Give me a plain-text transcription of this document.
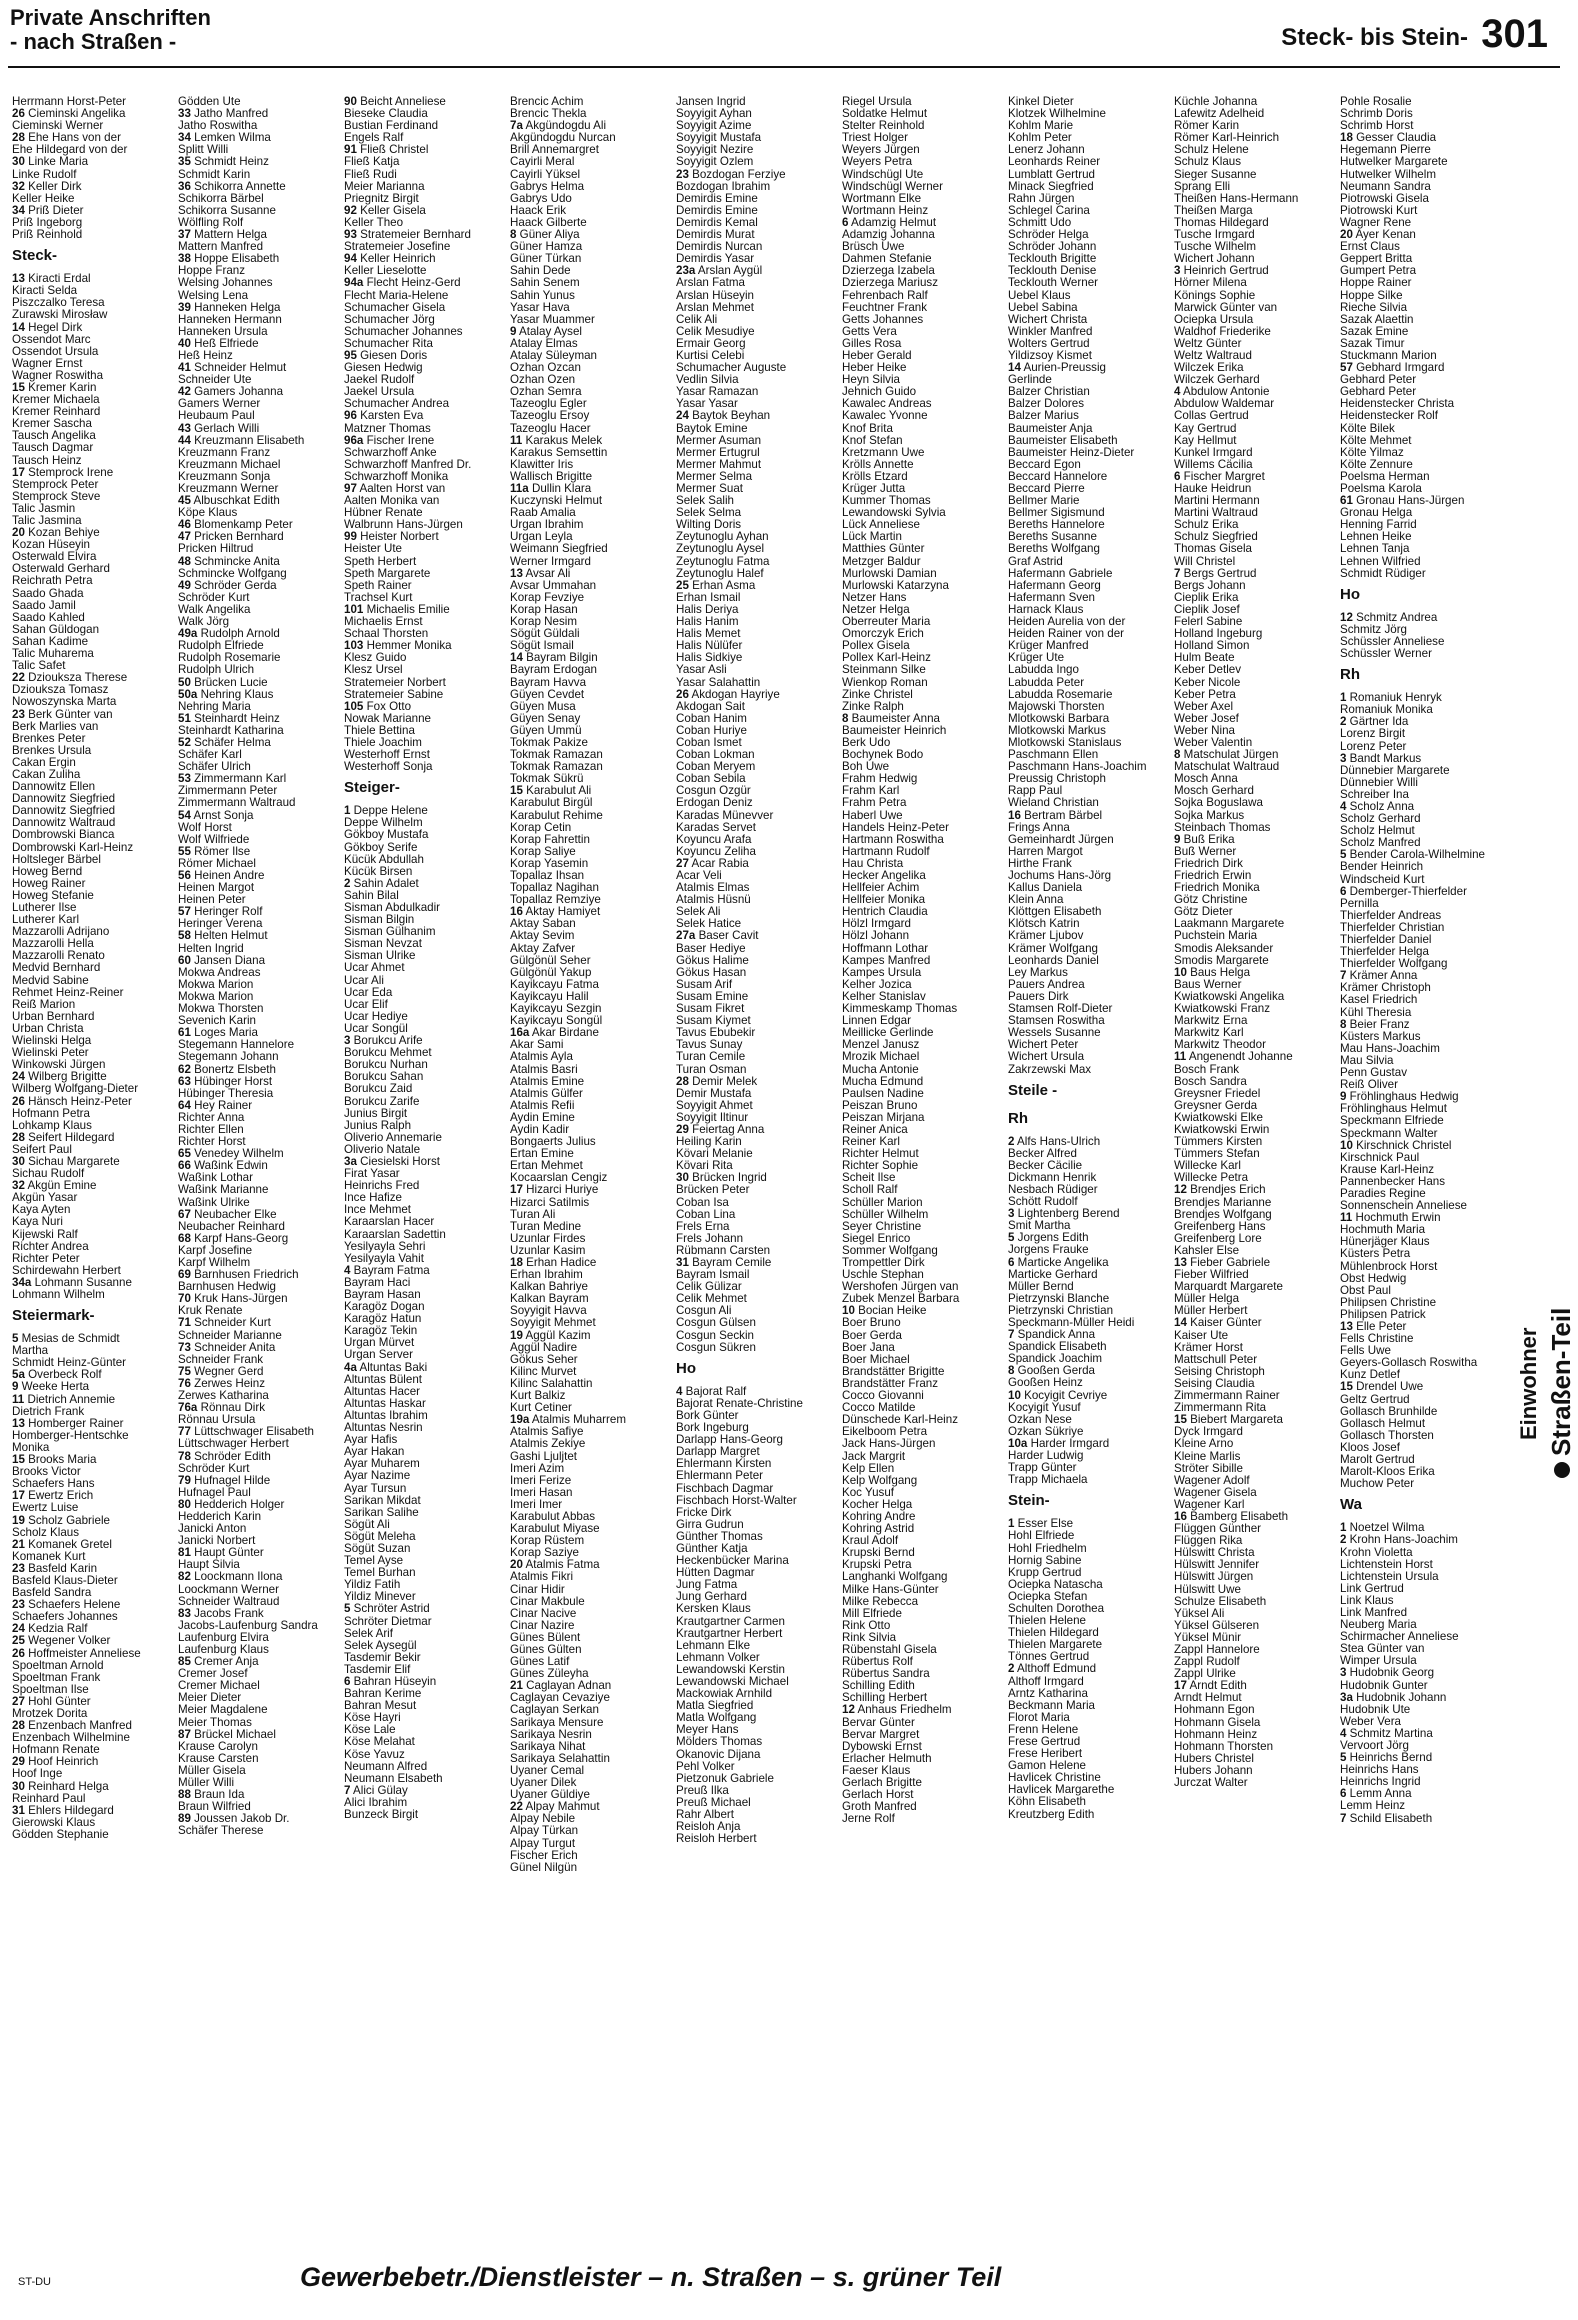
Private Anschriften
- nach Straßen -	Steck- bis Stein- 301
Herrmann Horst-Peter
26 Cieminski Angelika
Cieminski Werner
28 Ehe Hans von der
Ehe Hildegard von der
30 Linke Maria
Linke Rudolf
32 Keller Dirk
Keller Heike
34 Priß Dieter
Priß Ingeborg
Priß Reinhold
Steck-
13 Kiracti Erdal
Kiracti Selda
Piszczalko Teresa
Zurawski Mirosław
14 Hegel Dirk
Ossendot Marc
Ossendot Ursula
Wagner Ernst
Wagner Roswitha
15 Kremer Karin
Kremer Michaela
Kremer Reinhard
Kremer Sascha
Tausch Angelika
Tausch Dagmar
Tausch Heinz
17 Stemprock Irene
Stemprock Peter
Stemprock Steve
Talic Jasmin
Talic Jasmina
20 Kozan Behiye
Kozan Hüseyin
Osterwald Elvira
Osterwald Gerhard
Reichrath Petra
Saado Ghada
Saado Jamil
Saado Kahled
Sahan Güldogan
Sahan Kadime
Talic Muharema
Talic Safet
22 Dziouksza Therese
Dziouksza Tomasz
Nowoszynska Marta
23 Berk Günter van
Berk Marlies van
Brenkes Peter
Brenkes Ursula
Cakan Ergin
Cakan Zuliha
Dannowitz Ellen
Dannowitz Siegfried
Dannowitz Siegfried
Dannowitz Waltraud
Dombrowski Bianca
Dombrowski Karl-Heinz
Holtsleger Bärbel
Howeg Bernd
Howeg Rainer
Howeg Stefanie
Lutherer Ilse
Lutherer Karl
Mazzarolli Adrijano
Mazzarolli Hella
Mazzarolli Renato
Medvid Bernhard
Medvid Sabine
Rehmet Heinz-Reiner
Reiß Marion
Urban Bernhard
Urban Christa
Wielinski Helga
Wielinski Peter
Winkowski Jürgen
24 Wilberg Brigitte
Wilberg Wolfgang-Dieter
26 Hänsch Heinz-Peter
Hofmann Petra
Lohkamp Klaus
28 Seifert Hildegard
Seifert Paul
30 Sichau Margarete
Sichau Rudolf
32 Akgün Emine
Akgün Yasar
Kaya Ayten
Kaya Nuri
Kijewski Ralf
Richter Andrea
Richter Peter
Schirdewahn Herbert
34a Lohmann Susanne
Lohmann Wilhelm
Steiermark-
5 Mesias de Schmidt
Martha
Schmidt Heinz-Günter
5a Overbeck Rolf
9 Weeke Herta
11 Dietrich Annemie
Dietrich Frank
13 Homberger Rainer
Homberger-Hentschke
Monika
15 Brooks Maria
Brooks Victor
Schaefers Hans
17 Ewertz Erich
Ewertz Luise
19 Scholz Gabriele
Scholz Klaus
21 Komanek Gretel
Komanek Kurt
23 Basfeld Karin
Basfeld Klaus-Dieter
Basfeld Sandra
23 Schaefers Helene
Schaefers Johannes
24 Kedzia Ralf
25 Wegener Volker
26 Hoffmeister Anneliese
Spoeltman Arnold
Spoeltman Frank
Spoeltman Ilse
27 Hohl Günter
Mrotzek Dorita
28 Enzenbach Manfred
Enzenbach Wilhelmine
Hofmann Renate
29 Hoof Heinrich
Hoof Inge
30 Reinhard Helga
Reinhard Paul
31 Ehlers Hildegard
Gierowski Klaus
Gödden Stephanie
Gödden Ute
33 Jatho Manfred
Jatho Roswitha
34 Lemken Wilma
Splitt Willi
35 Schmidt Heinz
Schmidt Karin
36 Schikorra Annette
Schikorra Bärbel
Schikorra Susanne
Wölfling Rolf
37 Mattern Helga
Mattern Manfred
38 Hoppe Elisabeth
Hoppe Franz
Welsing Johannes
Welsing Lena
39 Hanneken Helga
Hanneken Hermann
Hanneken Ursula
40 Heß Elfriede
Heß Heinz
41 Schneider Helmut
Schneider Ute
42 Gamers Johanna
Gamers Werner
Heubaum Paul
43 Gerlach Willi
44 Kreuzmann Elisabeth
Kreuzmann Franz
Kreuzmann Michael
Kreuzmann Sonja
Kreuzmann Werner
45 Albuschkat Edith
Köpe Klaus
46 Blomenkamp Peter
47 Pricken Bernhard
Pricken Hiltrud
48 Schmincke Anita
Schmincke Wolfgang
49 Schröder Gerda
Schröder Kurt
Walk Angelika
Walk Jörg
49a Rudolph Arnold
Rudolph Elfriede
Rudolph Rosemarie
Rudolph Ulrich
50 Brücken Lucie
50a Nehring Klaus
Nehring Maria
51 Steinhardt Heinz
Steinhardt Katharina
52 Schäfer Helma
Schäfer Karl
Schäfer Ulrich
53 Zimmermann Karl
Zimmermann Peter
Zimmermann Waltraud
54 Arnst Sonja
Wolf Horst
Wolf Wilfriede
55 Römer Ilse
Römer Michael
56 Heinen Andre
Heinen Margot
Heinen Peter
57 Heringer Rolf
Heringer Verena
58 Helten Helmut
Helten Ingrid
60 Jansen Diana
Mokwa Andreas
Mokwa Marion
Mokwa Marion
Mokwa Thorsten
Sevenich Karin
61 Loges Maria
Stegemann Hannelore
Stegemann Johann
62 Bonertz Elsbeth
63 Hübinger Horst
Hübinger Theresia
64 Hey Rainer
Richter Anna
Richter Ellen
Richter Horst
65 Venedey Wilhelm
66 Waßink Edwin
Waßink Lothar
Waßink Marianne
Waßink Ulrike
67 Neubacher Elke
Neubacher Reinhard
68 Karpf Hans-Georg
Karpf Josefine
Karpf Wilhelm
69 Barnhusen Friedrich
Barnhusen Hedwig
70 Kruk Hans-Jürgen
Kruk Renate
71 Schneider Kurt
Schneider Marianne
73 Schneider Anita
Schneider Frank
75 Wegner Gerd
76 Zerwes Heinz
Zerwes Katharina
76a Rönnau Dirk
Rönnau Ursula
77 Lüttschwager Elisabeth
Lüttschwager Herbert
78 Schröder Edith
Schröder Kurt
79 Hufnagel Hilde
Hufnagel Paul
80 Hedderich Holger
Hedderich Karin
Janicki Anton
Janicki Norbert
81 Haupt Günter
Haupt Silvia
82 Loockmann Ilona
Loockmann Werner
Schneider Waltraud
83 Jacobs Frank
Jacobs-Laufenburg Sandra
Laufenburg Elvira
Laufenburg Klaus
85 Cremer Anja
Cremer Josef
Cremer Michael
Meier Dieter
Meier Magdalene
Meier Thomas
87 Brückel Michael
Krause Carolyn
Krause Carsten
Müller Gisela
Müller Willi
88 Braun Ida
Braun Wilfried
89 Joussen Jakob Dr.
Schäfer Therese
90 Beicht Anneliese
Bieseke Claudia
Bustian Ferdinand
Engels Ralf
91 Fließ Christel
Fließ Katja
Fließ Rudi
Meier Marianna
Priegnitz Birgit
92 Keller Gisela
Keller Theo
93 Stratemeier Bernhard
Stratemeier Josefine
94 Keller Heinrich
Keller Lieselotte
94a Flecht Heinz-Gerd
Flecht Maria-Helene
Schumacher Gisela
Schumacher Jörg
Schumacher Johannes
Schumacher Rita
95 Giesen Doris
Giesen Hedwig
Jaekel Rudolf
Jaekel Ursula
Schumacher Andrea
96 Karsten Eva
Matzner Thomas
96a Fischer Irene
Schwarzhoff Anke
Schwarzhoff Manfred Dr.
Schwarzhoff Monika
97 Aalten Horst van
Aalten Monika van
Hübner Renate
Walbrunn Hans-Jürgen
99 Heister Norbert
Heister Ute
Speth Herbert
Speth Margarete
Speth Rainer
Trachsel Kurt
101 Michaelis Emilie
Michaelis Ernst
Schaal Thorsten
103 Hemmer Monika
Klesz Guido
Klesz Ursel
Stratemeier Norbert
Stratemeier Sabine
105 Fox Otto
Nowak Marianne
Thiele Bettina
Thiele Joachim
Westerhoff Ernst
Westerhoff Sonja
Steiger-
1 Deppe Helene
Deppe Wilhelm
Gökboy Mustafa
Gökboy Serife
Kücük Abdullah
Kücük Birsen
2 Sahin Adalet
Sahin Bilal
Sisman Abdulkadir
Sisman Bilgin
Sisman Gülhanim
Sisman Nevzat
Sisman Ulrike
Ucar Ahmet
Ucar Ali
Ucar Eda
Ucar Elif
Ucar Hediye
Ucar Songül
3 Borukcu Arife
Borukcu Mehmet
Borukcu Nurhan
Borukcu Sahan
Borukcu Zaid
Borukcu Zarife
Junius Birgit
Junius Ralph
Oliverio Annemarie
Oliverio Natale
3a Ciesielski Horst
Firat Yasar
Heinrichs Fred
Ince Hafize
Ince Mehmet
Karaarslan Hacer
Karaarslan Sadettin
Yesilyayla Sehri
Yesilyayla Vahit
4 Bayram Fatma
Bayram Haci
Bayram Hasan
Karagöz Dogan
Karagöz Hatun
Karagöz Tekin
Urgan Mürvet
Urgan Server
4a Altuntas Baki
Altuntas Bülent
Altuntas Hacer
Altuntas Haskar
Altuntas Ibrahim
Altuntas Nesrin
Ayar Hafis
Ayar Hakan
Ayar Muharem
Ayar Nazime
Ayar Tursun
Sarikan Mikdat
Sarikan Salihe
Sögüt Ali
Sögüt Meleha
Sögüt Suzan
Temel Ayse
Temel Burhan
Yildiz Fatih
Yildiz Minever
5 Schröter Astrid
Schröter Dietmar
Selek Arif
Selek Aysegül
Tasdemir Bekir
Tasdemir Elif
6 Bahran Hüseyin
Bahran Kerime
Bahran Mesut
Köse Hayri
Köse Lale
Köse Melahat
Köse Yavuz
Neumann Alfred
Neumann Elsabeth
7 Alici Gülay
Alici Ibrahim
Bunzeck Birgit
Brencic Achim
Brencic Thekla
7a Akgündogdu Ali
Akgündogdu Nurcan
Brill Annemargret
Cayirli Meral
Cayirli Yüksel
Gabrys Helma
Gabrys Udo
Haack Erik
Haack Gilberte
8 Güner Aliya
Güner Hamza
Güner Türkan
Sahin Dede
Sahin Senem
Sahin Yunus
Yasar Hava
Yasar Muammer
9 Atalay Aysel
Atalay Elmas
Atalay Süleyman
Özhan Özcan
Özhan Özen
Özhan Semra
Tazeoglu Egler
Tazeoglu Ersoy
Tazeoglu Hacer
11 Karakus Melek
Karakus Semsettin
Klawitter Iris
Wallisch Brigitte
11a Dullin Klara
Kuczynski Helmut
Raab Amalia
Urgan Ibrahim
Urgan Leyla
Weimann Siegfried
Werner Irmgard
13 Avsar Ali
Avsar Ummahan
Korap Fevziye
Korap Hasan
Korap Nesim
Sögüt Güldali
Sögüt Ismail
14 Bayram Bilgin
Bayram Erdogan
Bayram Havva
Güyen Cevdet
Güyen Musa
Güyen Senay
Güyen Ümmü
Tokmak Pakize
Tokmak Ramazan
Tokmak Ramazan
Tokmak Sükrü
15 Karabulut Ali
Karabulut Birgül
Karabulut Rehime
Korap Cetin
Korap Fahrettin
Korap Saliye
Korap Yasemin
Topallaz Ihsan
Topallaz Nagihan
Topallaz Remziye
16 Aktay Hamiyet
Aktay Saban
Aktay Sevim
Aktay Zafver
Gülgönül Seher
Gülgönül Yakup
Kayikcayu Fatma
Kayikcayu Halil
Kayikcayu Sezgin
Kayikcayu Songül
16a Akar Birdane
Akar Sami
Atalmis Ayla
Atalmis Basri
Atalmis Emine
Atalmis Gülfer
Atalmis Refii
Aydin Emine
Aydin Kadir
Bongaerts Julius
Ertan Emine
Ertan Mehmet
Kocaarslan Cengiz
17 Hizarci Huriye
Hizarci Satilmis
Turan Ali
Turan Medine
Uzunlar Firdes
Uzunlar Kasim
18 Erhan Hadice
Erhan Ibrahim
Kalkan Bahriye
Kalkan Bayram
Soyyigit Havva
Soyyigit Mehmet
19 Aggül Kazim
Aggül Nadire
Gökus Seher
Kilinc Murvet
Kilinc Salahattin
Kurt Balkiz
Kurt Cetiner
19a Atalmis Muharrem
Atalmis Safiye
Atalmis Zekiye
Gashi Ljuljtet
Imeri Azim
Imeri Ferize
Imeri Hasan
Imeri Imer
Karabulut Abbas
Karabulut Miyase
Korap Rüstem
Korap Saziye
20 Atalmis Fatma
Atalmis Fikri
Cinar Hidir
Cinar Makbule
Cinar Nacive
Cinar Nazire
Günes Bülent
Günes Gülten
Günes Latif
Günes Züleyha
21 Caglayan Adnan
Caglayan Cevaziye
Caglayan Serkan
Sarikaya Mensure
Sarikaya Nesrin
Sarikaya Nihat
Sarikaya Selahattin
Uyaner Cemal
Uyaner Dilek
Uyaner Güldiye
22 Alpay Mahmut
Alpay Nebile
Alpay Türkan
Alpay Turgut
Fischer Erich
Günel Nilgün
Jansen Ingrid
Soyyigit Ayhan
Soyyigit Azime
Soyyigit Mustafa
Soyyigit Nezire
Soyyigit Özlem
23 Bozdogan Ferziye
Bozdogan Ibrahim
Demirdis Emine
Demirdis Emine
Demirdis Kemal
Demirdis Murat
Demirdis Nurcan
Demirdis Yasar
23a Arslan Aygül
Arslan Fatma
Arslan Hüseyin
Arslan Mehmet
Celik Ali
Celik Mesudiye
Ermair Georg
Kurtisi Celebi
Schumacher Auguste
Vedlin Silvia
Yasar Ramazan
Yasar Yasar
24 Baytok Beyhan
Baytok Emine
Mermer Asuman
Mermer Ertugrul
Mermer Mahmut
Mermer Selma
Mermer Suat
Selek Salih
Selek Selma
Wilting Doris
Zeytunoglu Ayhan
Zeytunoglu Aysel
Zeytunoglu Fatma
Zeytunoglu Halef
25 Erhan Asma
Erhan Ismail
Halis Deriya
Halis Hanim
Halis Memet
Halis Nülüfer
Halis Sidkiye
Yasar Asli
Yasar Salahattin
26 Akdogan Hayriye
Akdogan Sait
Coban Hanim
Coban Huriye
Coban Ismet
Coban Lokman
Coban Meryem
Coban Sebila
Cosgun Özgür
Erdogan Deniz
Karadas Münevver
Karadas Servet
Koyuncu Arafa
Koyuncu Zeliha
27 Acar Rabia
Acar Veli
Atalmis Elmas
Atalmis Hüsnü
Selek Ali
Selek Hatice
27a Baser Cavit
Baser Hediye
Gökus Halime
Gökus Hasan
Susam Arif
Susam Emine
Susam Fikret
Susam Kiymet
Tavus Ebubekir
Tavus Sunay
Turan Cemile
Turan Osman
28 Demir Melek
Demir Mustafa
Soyyigit Ahmet
Soyyigit Iltinur
29 Feiertag Anna
Heiling Karin
Kövari Melanie
Kövari Rita
30 Brücken Ingrid
Brücken Peter
Coban Isa
Coban Lina
Frels Erna
Frels Johann
Rübmann Carsten
31 Bayram Cemile
Bayram Ismail
Celik Gülizar
Celik Mehmet
Cosgun Ali
Cosgun Gülsen
Cosgun Seckin
Cosgun Sükren
Ho
4 Bajorat Ralf
Bajorat Renate-Christine
Bork Günter
Bork Ingeburg
Darlapp Hans-Georg
Darlapp Margret
Ehlermann Kirsten
Ehlermann Peter
Fischbach Dagmar
Fischbach Horst-Walter
Fricke Dirk
Girra Gudrun
Günther Thomas
Günther Katja
Heckenbücker Marina
Hütten Dagmar
Jung Fatma
Jung Gerhard
Kersken Klaus
Krautgartner Carmen
Krautgartner Herbert
Lehmann Elke
Lehmann Volker
Lewandowski Kerstin
Lewandowski Michael
Mackowiak Arnhild
Matla Siegfried
Matla Wolfgang
Meyer Hans
Mölders Thomas
Okanovic Dijana
Pehl Volker
Pietzonuk Gabriele
Preuß Ilka
Preuß Michael
Rahr Albert
Reisloh Anja
Reisloh Herbert
Riegel Ursula
Soldatke Helmut
Stelter Reinhold
Triest Holger
Weyers Jürgen
Weyers Petra
Windschügl Ute
Windschügl Werner
Wortmann Elke
Wortmann Heinz
6 Adamzig Helmut
Adamzig Johanna
Brüsch Uwe
Dahmen Stefanie
Dzierzega Izabela
Dzierzega Mariusz
Fehrenbach Ralf
Feuchtner Frank
Getts Johannes
Getts Vera
Gilles Rosa
Heber Gerald
Heber Heike
Heyn Silvia
Jehnich Guido
Kawalec Andreas
Kawalec Yvonne
Knof Brita
Knof Stefan
Kretzmann Uwe
Krölls Annette
Krölls Etzard
Krüger Jutta
Kummer Thomas
Lewandowski Sylvia
Lück Anneliese
Lück Martin
Matthies Günter
Metzger Baldur
Murlowski Damian
Murlowski Katarzyna
Netzer Hans
Netzer Helga
Oberreuter Maria
Omorczyk Erich
Pollex Gisela
Pollex Karl-Heinz
Steinmann Silke
Wienkop Roman
Zinke Christel
Zinke Ralph
8 Baumeister Anna
Baumeister Heinrich
Berk Udo
Bochynek Bodo
Boh Uwe
Frahm Hedwig
Frahm Karl
Frahm Petra
Haberl Uwe
Handels Heinz-Peter
Hartmann Roswitha
Hartmann Rudolf
Hau Christa
Hecker Angelika
Hellfeier Achim
Hellfeier Monika
Hentrich Claudia
Hölzl Irmgard
Hölzl Johann
Hoffmann Lothar
Kampes Manfred
Kampes Ursula
Kelher Jozica
Kelher Stanislav
Kimmeskamp Thomas
Linnen Edgar
Meillicke Gerlinde
Menzel Janusz
Mrozik Michael
Mucha Antonie
Mucha Edmund
Paulsen Nadine
Peiszan Bruno
Peiszan Mirjana
Reiner Anica
Reiner Karl
Richter Helmut
Richter Sophie
Scheit Ilse
Scholl Ralf
Schüller Marion
Schüller Wilhelm
Seyer Christine
Siegel Enrico
Sommer Wolfgang
Trompettler Dirk
Uschle Stephan
Wershofen Jürgen van
Zubek Menzel Barbara
10 Bocian Heike
Boer Bruno
Boer Gerda
Boer Jana
Boer Michael
Brandstätter Brigitte
Brandstätter Franz
Cocco Giovanni
Cocco Matilde
Dünschede Karl-Heinz
Eikelboom Petra
Jack Hans-Jürgen
Jack Margrit
Kelp Ellen
Kelp Wolfgang
Koc Yusuf
Kocher Helga
Kohring Andre
Kohring Astrid
Kraul Adolf
Krupski Bernd
Krupski Petra
Langhanki Wolfgang
Milke Hans-Günter
Milke Rebecca
Mill Elfriede
Rink Otto
Rink Silvia
Rübenstahl Gisela
Rübertus Rolf
Rübertus Sandra
Schilling Edith
Schilling Herbert
12 Anhaus Friedhelm
Bervar Günter
Bervar Margret
Dybowski Ernst
Erlacher Helmuth
Faeser Klaus
Gerlach Brigitte
Gerlach Horst
Groth Manfred
Jerne Rolf
Kinkel Dieter
Klotzek Wilhelmine
Kohlm Marie
Kohlm Peter
Lenerz Johann
Leonhards Reiner
Lumblatt Gertrud
Minack Siegfried
Rahn Jürgen
Schlegel Carina
Schmitt Udo
Schröder Helga
Schröder Johann
Tecklouth Brigitte
Tecklouth Denise
Tecklouth Werner
Uebel Klaus
Uebel Sabina
Wichert Christa
Winkler Manfred
Wolters Gertrud
Yildizsoy Kismet
14 Aurien-Preussig
Gerlinde
Balzer Christian
Balzer Dolores
Balzer Marius
Baumeister Anja
Baumeister Elisabeth
Baumeister Heinz-Dieter
Beccard Egon
Beccard Hannelore
Beccard Pierre
Bellmer Marie
Bellmer Sigismund
Bereths Hannelore
Bereths Susanne
Bereths Wolfgang
Graf Astrid
Hafermann Gabriele
Hafermann Georg
Hafermann Sven
Harnack Klaus
Heiden Aurelia von der
Heiden Rainer von der
Krüger Manfred
Krüger Ute
Labudda Ingo
Labudda Peter
Labudda Rosemarie
Majowski Thorsten
Mlotkowski Barbara
Mlotkowski Markus
Mlotkowski Stanislaus
Paschmann Ellen
Paschmann Hans-Joachim
Preussig Christoph
Rapp Paul
Wieland Christian
16 Bertram Bärbel
Frings Anna
Gemeinhardt Jürgen
Harren Margot
Hirthe Frank
Jochums Hans-Jörg
Kallus Daniela
Klein Anna
Klöttgen Elisabeth
Klötsch Katrin
Krämer Ljubov
Krämer Wolfgang
Leonhards Daniel
Ley Markus
Pauers Andrea
Pauers Dirk
Stamsen Rolf-Dieter
Stamsen Roswitha
Wessels Susanne
Wichert Peter
Wichert Ursula
Zakrzewski Max
Steile -
Rh
2 Alfs Hans-Ulrich
Becker Alfred
Becker Cäcilie
Dickmann Henrik
Nesbach Rüdiger
Schött Rudolf
3 Lightenberg Berend
Smit Martha
5 Jorgens Edith
Jorgens Frauke
6 Marticke Angelika
Marticke Gerhard
Müller Bernd
Pietrzynski Blanche
Pietrzynski Christian
Speckmann-Müller Heidi
7 Spandick Anna
Spandick Elisabeth
Spandick Joachim
8 Gooßen Gerda
Gooßen Heinz
10 Kocyigit Cevriye
Kocyigit Yusuf
Özkan Nese
Özkan Sükriye
10a Harder Irmgard
Harder Ludwig
Trapp Günter
Trapp Michaela
Stein-
1 Esser Else
Hohl Elfriede
Hohl Friedhelm
Hornig Sabine
Krupp Gertrud
Ociepka Natascha
Ociepka Stefan
Schulten Dorothea
Thielen Helene
Thielen Hildegard
Thielen Margarete
Tönnes Gertrud
2 Althoff Edmund
Althoff Irmgard
Arntz Katharina
Beckmann Maria
Florot Maria
Frenn Helene
Frese Gertrud
Frese Heribert
Gamon Helene
Havlicek Christine
Havlicek Margarethe
Köhn Elisabeth
Kreutzberg Edith
Küchle Johanna
Lafewitz Adelheid
Römer Karin
Römer Karl-Heinrich
Schulz Helene
Schulz Klaus
Sieger Susanne
Sprang Elli
Theißen Hans-Hermann
Theißen Marga
Thomas Hildegard
Tusche Irmgard
Tusche Wilhelm
Wichert Johann
3 Heinrich Gertrud
Hörner Milena
Könings Sophie
Marwick Günter van
Ociepka Ursula
Waldhof Friederike
Weltz Günter
Weltz Waltraud
Wilczek Erika
Wilczek Gerhard
4 Abdulow Antonie
Abdulow Waldemar
Collas Gertrud
Kay Gertrud
Kay Hellmut
Kunkel Irmgard
Willems Cäcilia
6 Fischer Margret
Hauke Heidrun
Martini Hermann
Martini Waltraud
Schulz Erika
Schulz Siegfried
Thomas Gisela
Will Christel
7 Bergs Gertrud
Bergs Johann
Cieplik Erika
Cieplik Josef
Felerl Sabine
Holland Ingeburg
Holland Simon
Hulm Beate
Keber Detlev
Keber Nicole
Keber Petra
Weber Axel
Weber Josef
Weber Nina
Weber Valentin
8 Matschulat Jürgen
Matschulat Waltraud
Mosch Anna
Mosch Gerhard
Sojka Boguslawa
Sojka Markus
Steinbach Thomas
9 Buß Erika
Buß Werner
Friedrich Dirk
Friedrich Erwin
Friedrich Monika
Götz Christine
Götz Dieter
Laakmann Margarete
Puchstein Maria
Smodis Aleksander
Smodis Margarete
10 Baus Helga
Baus Werner
Kwiatkowski Angelika
Kwiatkowski Franz
Markwitz Erna
Markwitz Karl
Markwitz Theodor
11 Angenendt Johanne
Bosch Frank
Bosch Sandra
Greysner Friedel
Greysner Gerda
Kwiatkowski Elke
Kwiatkowski Erwin
Tümmers Kirsten
Tümmers Stefan
Willecke Karl
Willecke Petra
12 Brendjes Erich
Brendjes Marianne
Brendjes Wolfgang
Greifenberg Hans
Greifenberg Lore
Kahsler Else
13 Fieber Gabriele
Fieber Wilfried
Marquardt Margarete
Müller Helga
Müller Herbert
14 Kaiser Günter
Kaiser Ute
Krämer Horst
Mattschull Peter
Seising Christoph
Seising Claudia
Zimmermann Rainer
Zimmermann Rita
15 Biebert Margareta
Dyck Irmgard
Kleine Arno
Kleine Marlis
Ströter Sibille
Wagener Adolf
Wagener Gisela
Wagener Karl
16 Bamberg Elisabeth
Flüggen Günther
Flüggen Rika
Hülswitt Christa
Hülswitt Jennifer
Hülswitt Jürgen
Hülswitt Uwe
Schulze Elisabeth
Yüksel Ali
Yüksel Gülseren
Yüksel Münir
Zappl Hannelore
Zappl Rudolf
Zappl Ulrike
17 Arndt Edith
Arndt Helmut
Hohmann Egon
Hohmann Gisela
Hohmann Heinz
Hohmann Thorsten
Hubers Christel
Hubers Johann
Jurczat Walter
Pohle Rosalie
Schrimb Doris
Schrimb Horst
18 Gesser Claudia
Hegemann Pierre
Hutwelker Margarete
Hutwelker Wilhelm
Neumann Sandra
Piotrowski Gisela
Piotrowski Kurt
Wagner Rene
20 Ayer Kenan
Ernst Claus
Geppert Britta
Gumpert Petra
Hoppe Rainer
Hoppe Silke
Rieche Silvia
Sazak Alaettin
Sazak Emine
Sazak Timur
Stuckmann Marion
57 Gebhard Irmgard
Gebhard Peter
Gebhard Peter
Heidenstecker Christa
Heidenstecker Rolf
Költe Bilek
Költe Mehmet
Költe Yilmaz
Költe Zennure
Poelsma Herman
Poelsma Karola
61 Gronau Hans-Jürgen
Gronau Helga
Henning Farrid
Lehnen Heike
Lehnen Tanja
Lehnen Wilfried
Schmidt Rüdiger
Ho
12 Schmitz Andrea
Schmitz Jörg
Schüssler Anneliese
Schüssler Werner
Rh
1 Romaniuk Henryk
Romaniuk Monika
2 Gärtner Ida
Lorenz Birgit
Lorenz Peter
3 Bandt Markus
Dünnebier Margarete
Dünnebier Willi
Schreiber Ina
4 Scholz Anna
Scholz Gerhard
Scholz Helmut
Scholz Manfred
5 Bender Carola-Wilhelmine
Bender Heinrich
Windscheid Kurt
6 Demberger-Thierfelder
Pernilla
Thierfelder Andreas
Thierfelder Christian
Thierfelder Daniel
Thierfelder Helga
Thierfelder Wolfgang
7 Krämer Anna
Krämer Christoph
Kasel Friedrich
Kühl Theresia
8 Beier Franz
Küsters Markus
Mau Hans-Joachim
Mau Silvia
Penn Gustav
Reiß Oliver
9 Fröhlinghaus Hedwig
Fröhlinghaus Helmut
Speckmann Elfriede
Speckmann Walter
10 Kirschnick Christel
Kirschnick Paul
Krause Karl-Heinz
Pannenbecker Hans
Paradies Regine
Sonnenschein Anneliese
11 Hochmuth Erwin
Hochmuth Maria
Hünerjäger Klaus
Küsters Petra
Mühlenbrock Horst
Obst Hedwig
Obst Paul
Philipsen Christine
Philipsen Patrick
13 Elle Peter
Fells Christine
Fells Uwe
Geyers-Gollasch Roswitha
Kunz Detlef
15 Drendel Uwe
Geltz Gertrud
Gollasch Brunhilde
Gollasch Helmut
Gollasch Thorsten
Kloos Josef
Marolt Gertrud
Marolt-Kloos Erika
Muchow Peter
Wa
1 Noetzel Wilma
2 Krohn Hans-Joachim
Krohn Violetta
Lichtenstein Horst
Lichtenstein Ursula
Link Gertrud
Link Klaus
Link Manfred
Neuberg Maria
Schirmacher Anneliese
Stea Günter van
Wimper Ursula
3 Hudobnik Georg
Hudobnik Gunter
3a Hudobnik Johann
Hudobnik Ute
Weber Vera
4 Schmitz Martina
Vervoort Jörg
5 Heinrichs Bernd
Heinrichs Hans
Heinrichs Ingrid
6 Lemm Anna
Lemm Heinz
7 Schild Elisabeth
Einwohner Straßen-Teil
ST-DU	Gewerbebetr./Dienstleister – n. Straßen – s. grüner Teil
